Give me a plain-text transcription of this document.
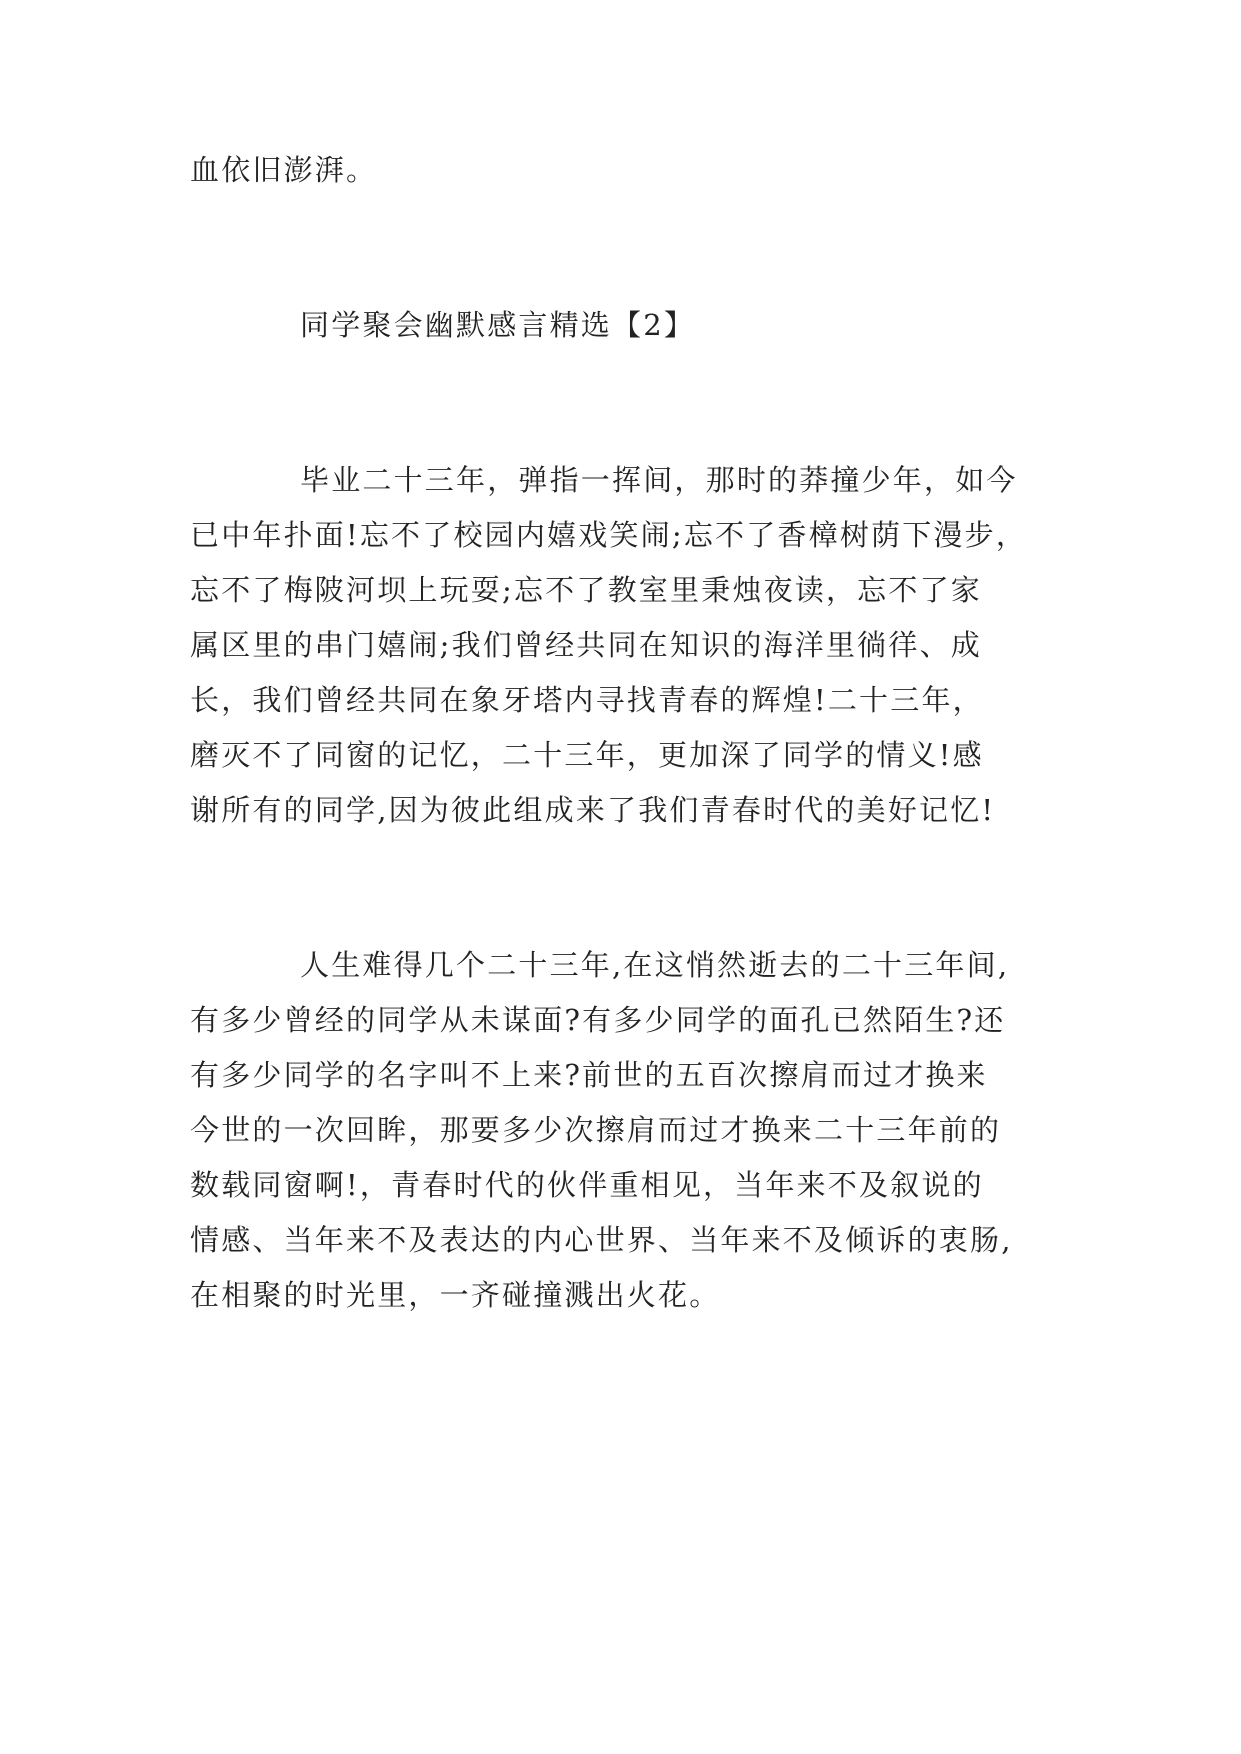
血依旧澎湃。
同学聚会幽默感言精选【2】
毕业二十三年，弹指一挥间，那时的莽撞少年，如今
已中年扑面!忘不了校园内嬉戏笑闹;忘不了香樟树荫下漫步，
忘不了梅陂河坝上玩耍;忘不了教室里秉烛夜读，忘不了家
属区里的串门嬉闹;我们曾经共同在知识的海洋里徜徉、成
长，我们曾经共同在象牙塔内寻找青春的辉煌!二十三年，
磨灭不了同窗的记忆，二十三年，更加深了同学的情义!感
谢所有的同学,因为彼此组成来了我们青春时代的美好记忆!
人生难得几个二十三年,在这悄然逝去的二十三年间,
有多少曾经的同学从未谋面?有多少同学的面孔已然陌生?还
有多少同学的名字叫不上来?前世的五百次擦肩而过才换来
今世的一次回眸，那要多少次擦肩而过才换来二十三年前的
数载同窗啊!，青春时代的伙伴重相见，当年来不及叙说的
情感、当年来不及表达的内心世界、当年来不及倾诉的衷肠,
在相聚的时光里，一齐碰撞溅出火花。
